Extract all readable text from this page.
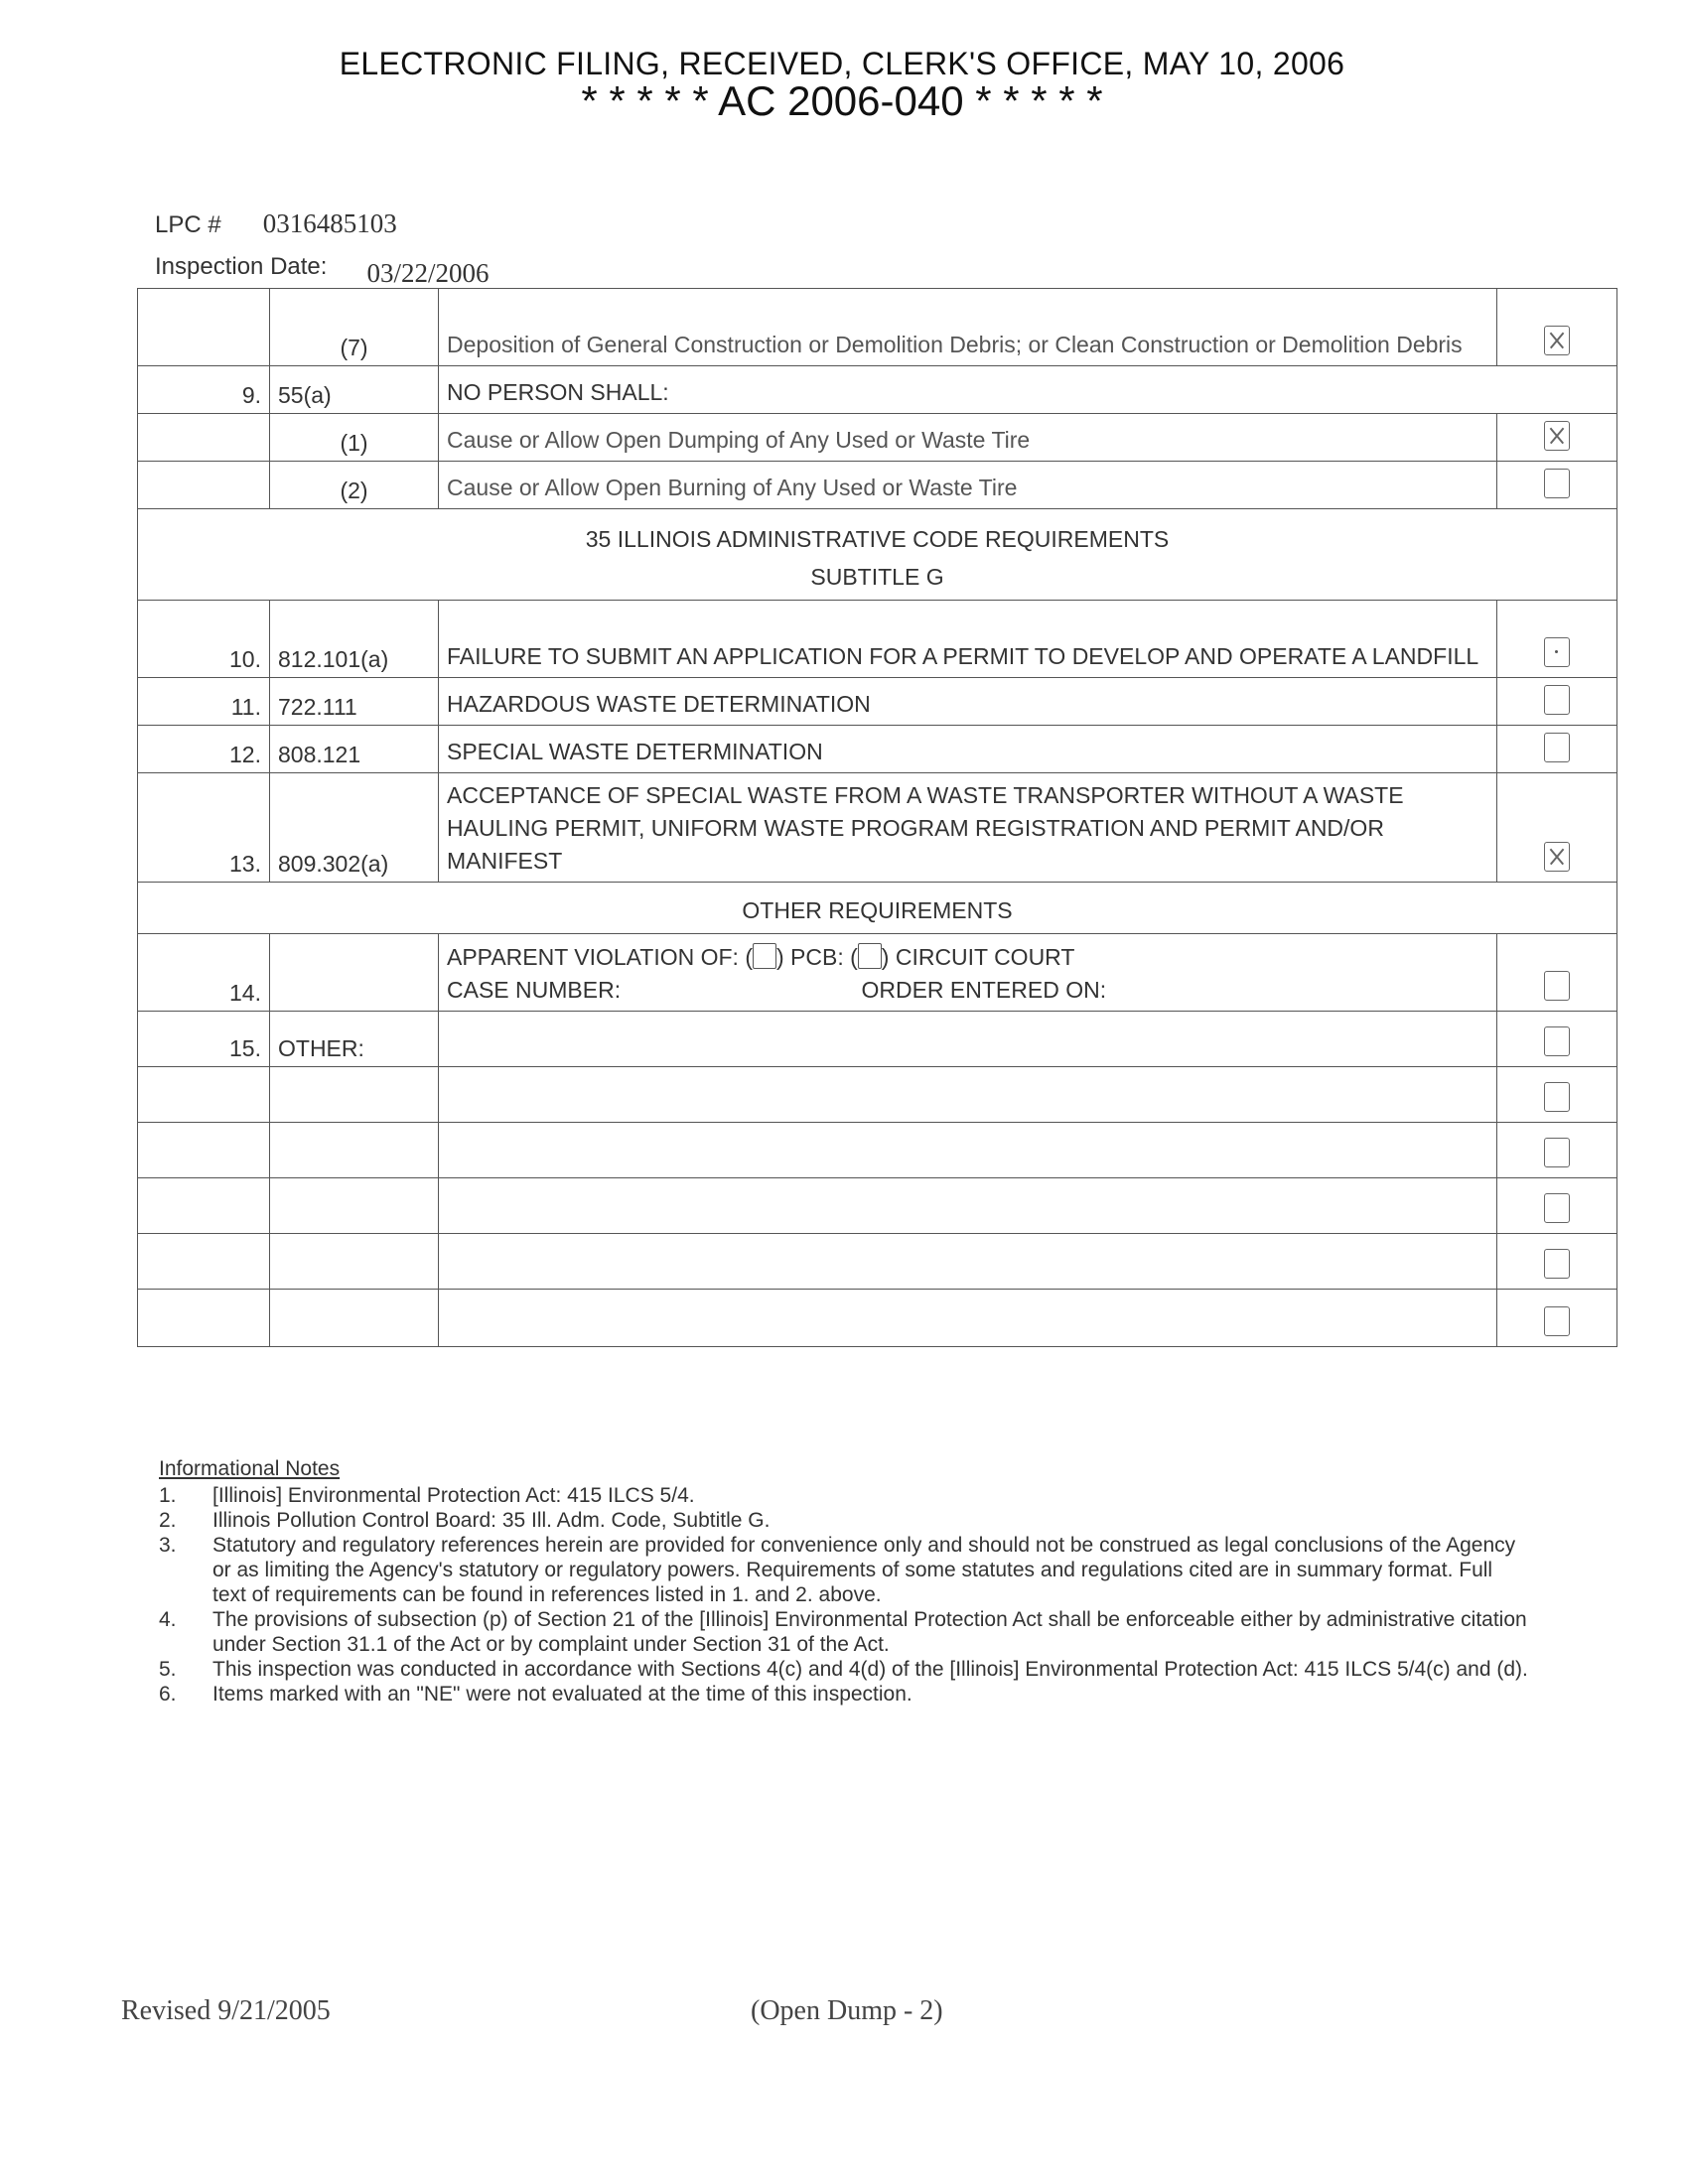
ELECTRONIC FILING, RECEIVED, CLERK'S OFFICE, MAY 10, 2006
* * * * * AC 2006-040 * * * * *
LPC # 0316485103
Inspection Date: 03/22/2006
	(7)	Deposition of General Construction or Demolition Debris; or Clean Construction or Demolition Debris	
9.	55(a)	NO PERSON SHALL:	
	(1)	Cause or Allow Open Dumping of Any Used or Waste Tire	
	(2)	Cause or Allow Open Burning of Any Used or Waste Tire	

35 ILLINOIS ADMINISTRATIVE CODE REQUIREMENTS
SUBTITLE G			

10.	812.101(a)	FAILURE TO SUBMIT AN APPLICATION FOR A PERMIT TO DEVELOP AND OPERATE A LANDFILL	
11.	722.111	HAZARDOUS WASTE DETERMINATION	
12.	808.121	SPECIAL WASTE DETERMINATION	
13.	809.302(a)	ACCEPTANCE OF SPECIAL WASTE FROM A WASTE TRANSPORTER WITHOUT A WASTE HAULING PERMIT, UNIFORM WASTE PROGRAM REGISTRATION AND PERMIT AND/OR MANIFEST	
OTHER REQUIREMENTS			
14.		APPARENT VIOLATION OF: ( ) PCB: ( ) CIRCUIT COURT
CASE NUMBER: ORDER ENTERED ON:	

15.	OTHER:		

Informational Notes
1.	[Illinois] Environmental Protection Act: 415 ILCS 5/4.
2.	Illinois Pollution Control Board: 35 Ill. Adm. Code, Subtitle G.
3.	Statutory and regulatory references herein are provided for convenience only and should not be construed as legal conclusions of the Agency or as limiting the Agency's statutory or regulatory powers. Requirements of some statutes and regulations cited are in summary format. Full text of requirements can be found in references listed in 1. and 2. above.
4.	The provisions of subsection (p) of Section 21 of the [Illinois] Environmental Protection Act shall be enforceable either by administrative citation under Section 31.1 of the Act or by complaint under Section 31 of the Act.
5.	This inspection was conducted in accordance with Sections 4(c) and 4(d) of the [Illinois] Environmental Protection Act: 415 ILCS 5/4(c) and (d).
6.	Items marked with an "NE" were not evaluated at the time of this inspection.
Revised 9/21/2005	(Open Dump - 2)
